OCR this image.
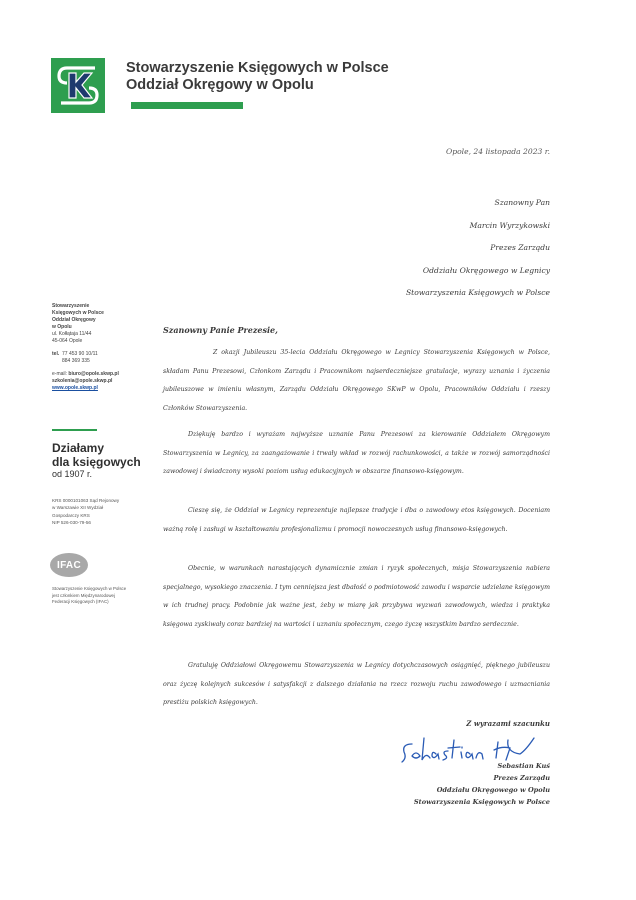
Stowarzyszenie Księgowych w Polsce
Oddział Okręgowy w Opolu
Stowarzyszenie
Księgowych w Polsce
Oddział Okręgowy
w Opolu
ul. Kołłątaja 11/44
45-064 Opole
tel. 77 453 90 10/11
884 369 335
e-mail: biuro@opole.skwp.pl
szkolenia@opole.skwp.pl
www.opole.skwp.pl
Działamy
dla księgowych
od 1907 r.
KRS 0000101063 Sąd Rejonowy
w Warszawie XII Wydział
Gospodarczy KRS
NIP 526-030-79-56
IFAC
Stowarzyszenie Księgowych w Polsce
jest członkiem Międzynarodowej
Federacji Księgowych (IFAC)
Opole, 24 listopada 2023 r.
Szanowny Pan
Marcin Wyrzykowski
Prezes Zarządu
Oddziału Okręgowego w Legnicy
Stowarzyszenia Księgowych w Polsce
Szanowny Panie Prezesie,
Z okazji Jubileuszu 35-lecia Oddziału Okręgowego w Legnicy Stowarzyszenia Księgowych w Polsce, składam Panu Prezesowi, Członkom Zarządu i Pracownikom najserdeczniejsze gratulacje, wyrazy uznania i życzenia jubileuszowe w imieniu własnym, Zarządu Oddziału Okręgowego SKwP w Opolu, Pracowników Oddziału i rzeszy Członków Stowarzyszenia.
Dziękuję bardzo i wyrażam najwyższe uznanie Panu Prezesowi za kierowanie Oddziałem Okręgowym Stowarzyszenia w Legnicy, za zaangażowanie i trwały wkład w rozwój rachunkowości, a także w rozwój samorządności zawodowej i świadczony wysoki poziom usług edukacyjnych w obszarze finansowo-księgowym.
Cieszę się, że Oddział w Legnicy reprezentuje najlepsze tradycje i dba o zawodowy etos księgowych. Doceniam ważną rolę i zasługi w kształtowaniu profesjonalizmu i promocji nowoczesnych usług finansowo-księgowych.
Obecnie, w warunkach narastających dynamicznie zmian i ryzyk społecznych, misja Stowarzyszenia nabiera specjalnego, wysokiego znaczenia. I tym cenniejsza jest dbałość o podmiotowość zawodu i wsparcie udzielane księgowym w ich trudnej pracy. Podobnie jak ważne jest, żeby w miarę jak przybywa wyzwań zawodowych, wiedza i praktyka księgowa zyskiwały coraz bardziej na wartości i uznaniu społecznym, czego życzę wszystkim bardzo serdecznie.
Gratuluję Oddziałowi Okręgowemu Stowarzyszenia w Legnicy dotychczasowych osiągnięć, pięknego jubileuszu oraz życzę kolejnych sukcesów i satysfakcji z dalszego działania na rzecz rozwoju ruchu zawodowego i uzmacniania prestiżu polskich księgowych.
Z wyrazami szacunku
Sebastian Kuś
Prezes Zarządu
Oddziału Okręgowego w Opolu
Stowarzyszenia Księgowych w Polsce
